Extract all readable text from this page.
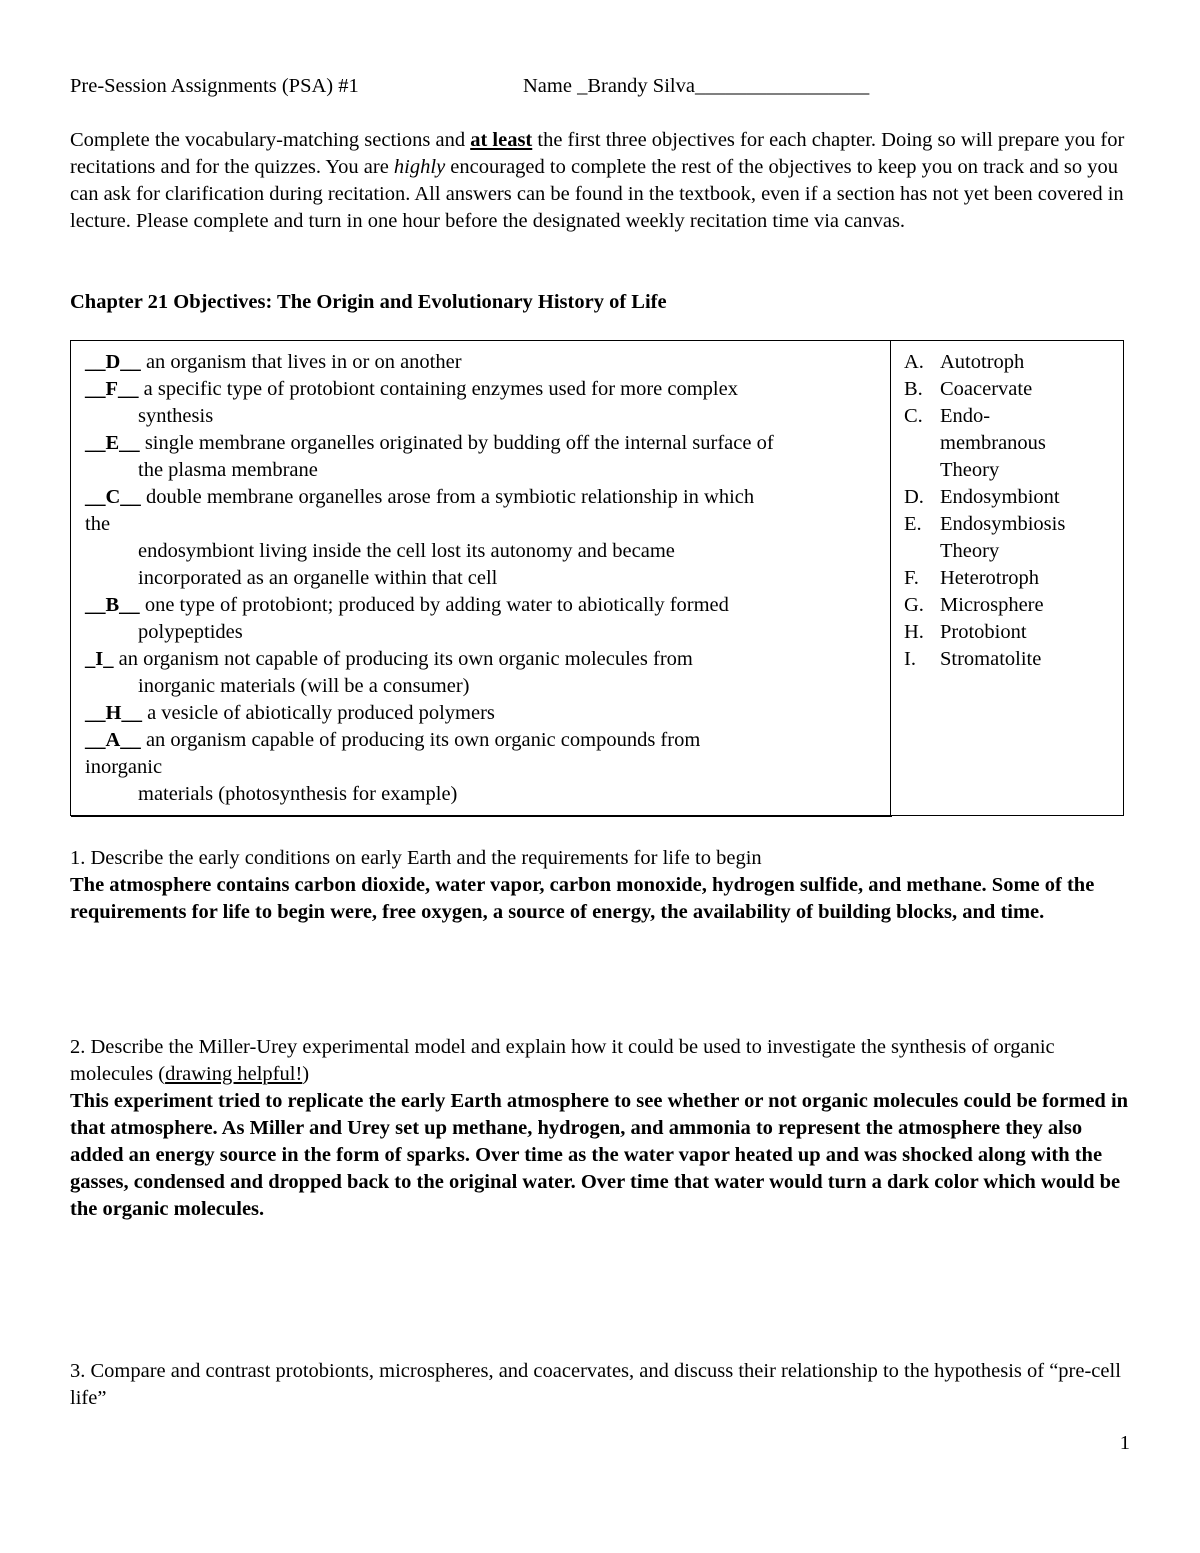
Pre-Session Assignments (PSA) #1	Name _Brandy Silva_________________
Complete the vocabulary-matching sections and at least the first three objectives for each chapter. Doing so will prepare you for recitations and for the quizzes. You are highly encouraged to complete the rest of the objectives to keep you on track and so you can ask for clarification during recitation. All answers can be found in the textbook, even if a section has not yet been covered in lecture. Please complete and turn in one hour before the designated weekly recitation time via canvas.
Chapter 21 Objectives: The Origin and Evolutionary History of Life
__D__ an organism that lives in or on another
__F__ a specific type of protobiont containing enzymes used for more complex
synthesis
__E__ single membrane organelles originated by budding off the internal surface of
the plasma membrane
__C__ double membrane organelles arose from a symbiotic relationship in which
the
endosymbiont living inside the cell lost its autonomy and became
incorporated as an organelle within that cell
__B__ one type of protobiont; produced by adding water to abiotically formed
polypeptides
_I_ an organism not capable of producing its own organic molecules from
inorganic materials (will be a consumer)
__H__ a vesicle of abiotically produced polymers
__A__ an organism capable of producing its own organic compounds from
inorganic
materials (photosynthesis for example)
A. Autotroph
B. Coacervate
C. Endo-
membranous
Theory
D. Endosymbiont
E. Endosymbiosis
Theory
F.	Heterotroph
G. Microsphere
H. Protobiont
I.	Stromatolite
1. Describe the early conditions on early Earth and the requirements for life to begin
The atmosphere contains carbon dioxide, water vapor, carbon monoxide, hydrogen sulfide, and methane. Some of the requirements for life to begin were, free oxygen, a source of energy, the availability of building blocks, and time.
2. Describe the Miller-Urey experimental model and explain how it could be used to investigate the synthesis of organic molecules (drawing helpful!)
This experiment tried to replicate the early Earth atmosphere to see whether or not organic molecules could be formed in that atmosphere. As Miller and Urey set up methane, hydrogen, and ammonia to represent the atmosphere they also added an energy source in the form of sparks. Over time as the water vapor heated up and was shocked along with the gasses, condensed and dropped back to the original water. Over time that water would turn a dark color which would be the organic molecules.
3. Compare and contrast protobionts, microspheres, and coacervates, and discuss their relationship to the hypothesis of “pre-cell life”
1
